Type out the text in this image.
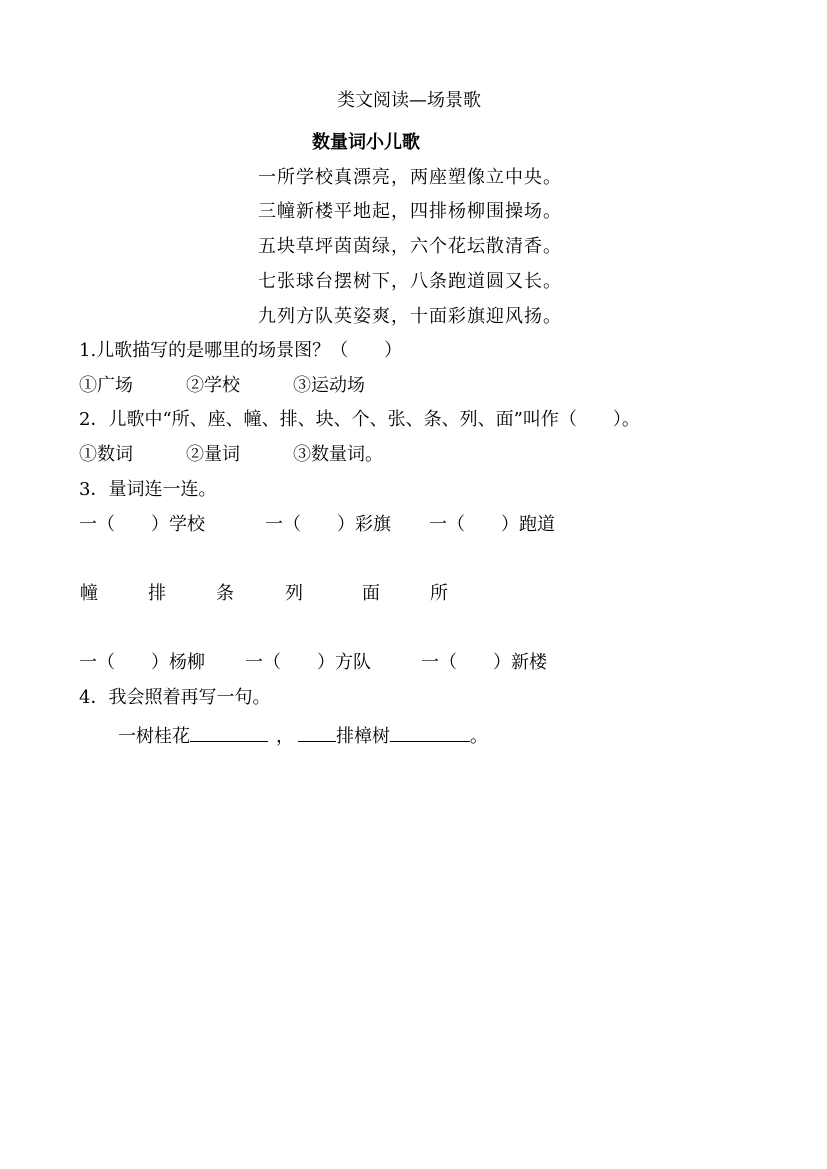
类文阅读—场景歌
数量词小儿歌
一所学校真漂亮，两座塑像立中央。
三幢新楼平地起，四排杨柳围操场。
五块草坪茵茵绿，六个花坛散清香。
七张球台摆树下，八条跑道圆又长。
九列方队英姿爽，十面彩旗迎风扬。
1.儿歌描写的是哪里的场景图？（　　）
①广场	②学校	③运动场
2．儿歌中“所、座、幢、排、块、个、张、条、列、面”叫作（　　）。
①数词	②量词	③数量词。
3．量词连一连。
一（　　）学校	一（　　）彩旗 一（　　）跑道
幢	排	条	列	面	所
一（　　）杨柳 一（　　）方队	一（　　）新楼
4．我会照着再写一句。
一树桂花	， 排樟树	。
